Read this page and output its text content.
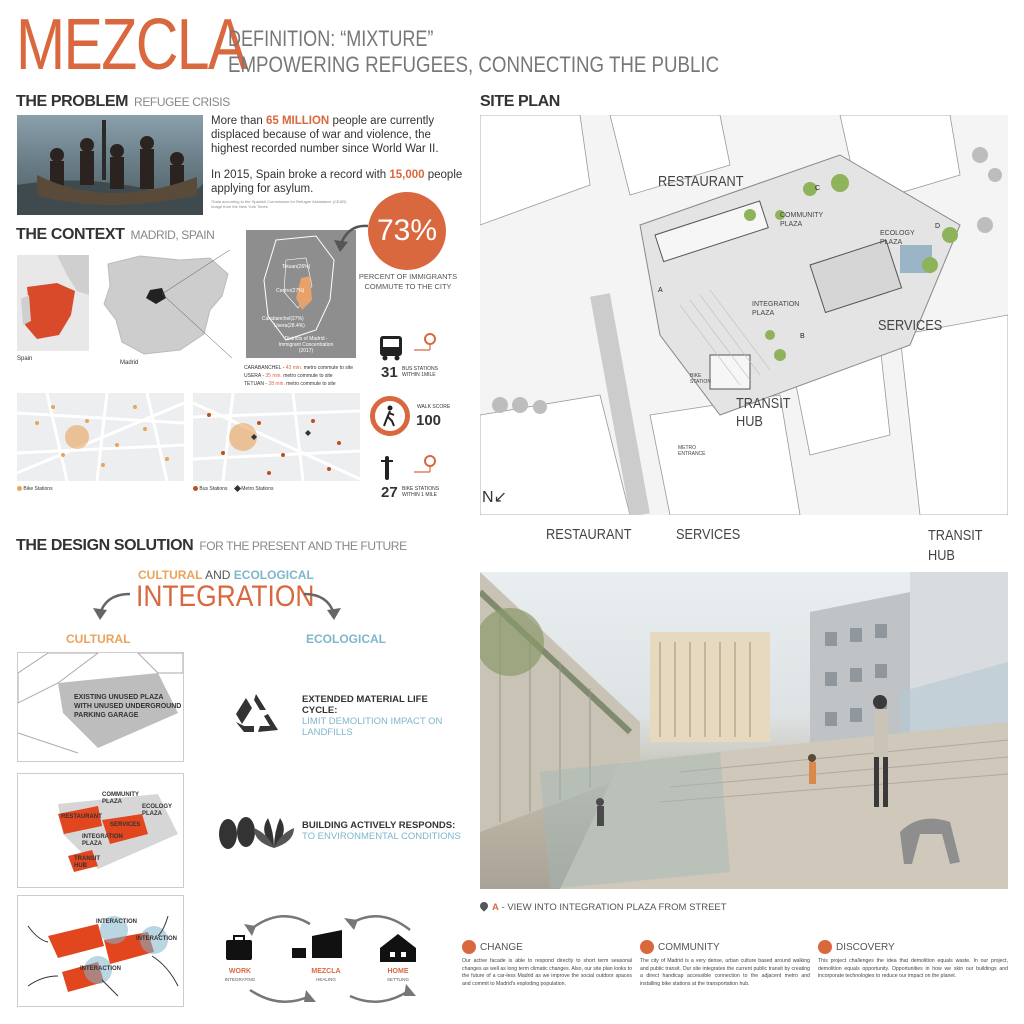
MEZCLA
DEFINITION: “MIXTURE”
EMPOWERING REFUGEES, CONNECTING THE PUBLIC
THE PROBLEM REFUGEE CRISIS
More than 65 MILLION people are currently displaced because of war and violence, the highest recorded number since World War II.
In 2015, Spain broke a record with 15,000 people applying for asylum.
*Data according to the Spanish Commission for Refugee Assistance (CEAR)
Image from the New York Times
THE CONTEXT MADRID, SPAIN
Spain
Madrid
Tetuan(26%)
Centro(27%)
Carabanchel(27%)
Usera(28.4%)
Districts of Madrid -
Immigrant Concentration
(2017)
CARABANCHEL - 43 min. metro commute to site
USERA - 35 min. metro commute to site
TETUAN - 28 min. metro commute to site
73%
PERCENT OF IMMIGRANTS
COMMUTE TO THE CITY
31 BUS STATIONS WITHIN 1MILE
WALK SCORE
100
27 BIKE STATIONS WITHIN 1 MILE
Bike Stations	Bus Stations	Metro Stations
SITE PLAN
RESTAURANT
COMMUNITY PLAZA
ECOLOGY PLAZA
INTEGRATION PLAZA
SERVICES
TRANSIT HUB
BIKE STATION
METRO ENTRANCE
A
B
C
D
N↙
THE DESIGN SOLUTION FOR THE PRESENT AND THE FUTURE
CULTURAL AND ECOLOGICAL
INTEGRATION
CULTURAL	ECOLOGICAL
EXISTING UNUSED PLAZA
WITH UNUSED UNDERGROUND
PARKING GARAGE
COMMUNITY PLAZA
ECOLOGY PLAZA
RESTAURANT
SERVICES
INTEGRATION PLAZA
TRANSIT HUB
INTERACTION
INTERACTION
INTERACTION
EXTENDED MATERIAL LIFE CYCLE:
LIMIT DEMOLITION IMPACT ON LANDFILLS
BUILDING ACTIVELY RESPONDS:
TO ENVIRONMENTAL CONDITIONS
WORK
INTEGRATING
MEZCLA
HEALING
HOME
SETTLING
RESTAURANT	SERVICES	TRANSIT
HUB
A - VIEW INTO INTEGRATION PLAZA FROM STREET
CHANGE
Our active facade is able to respond directly to short term seasonal changes as well as long term climatic changes. Also, our site plan looks to the future of a car-less Madrid as we improve the social outdoor spaces and commit to Madrid's exploding population.
COMMUNITY
The city of Madrid is a very dense, urban culture based around walking and public transit. Our site integrates the current public transit by creating a direct handicap accessible connection to the adjacent metro and installing bike stations at the transportation hub.
DISCOVERY
This project challenges the idea that demolition equals waste. In our project, demolition equals opportunity. Opportunities in how we skin our buildings and incorporate technologies to reduce our impact on the planet.
